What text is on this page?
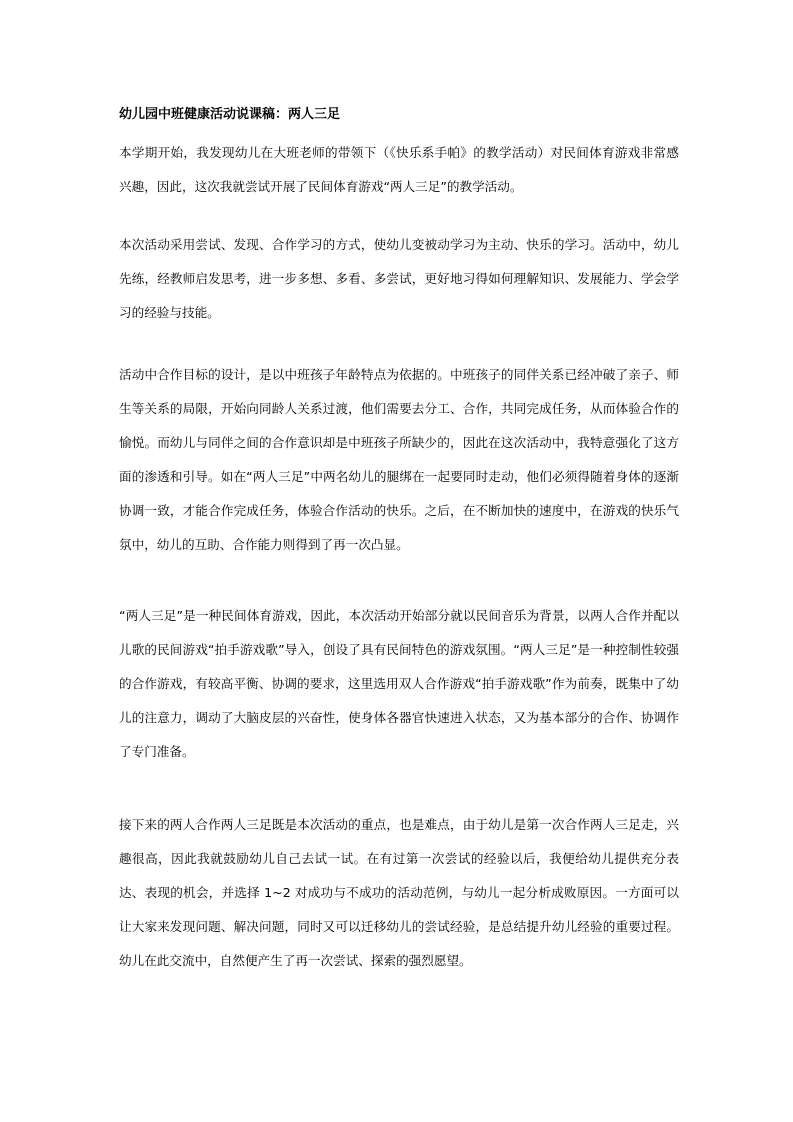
幼儿园中班健康活动说课稿：两人三足

本学期开始，我发现幼儿在大班老师的带领下（《快乐系手帕》的教学活动）对民间体育游戏非常感兴趣，因此，这次我就尝试开展了民间体育游戏“两人三足”的教学活动。

本次活动采用尝试、发现、合作学习的方式，使幼儿变被动学习为主动、快乐的学习。活动中，幼儿先练，经教师启发思考，进一步多想、多看、多尝试，更好地习得如何理解知识、发展能力、学会学习的经验与技能。

活动中合作目标的设计，是以中班孩子年龄特点为依据的。中班孩子的同伴关系已经冲破了亲子、师生等关系的局限，开始向同龄人关系过渡，他们需要去分工、合作，共同完成任务，从而体验合作的愉悦。而幼儿与同伴之间的合作意识却是中班孩子所缺少的，因此在这次活动中，我特意强化了这方面的渗透和引导。如在“两人三足”中两名幼儿的腿绑在一起要同时走动，他们必须得随着身体的逐渐协调一致，才能合作完成任务，体验合作活动的快乐。之后，在不断加快的速度中，在游戏的快乐气氛中，幼儿的互助、合作能力则得到了再一次凸显。

“两人三足”是一种民间体育游戏，因此，本次活动开始部分就以民间音乐为背景，以两人合作并配以儿歌的民间游戏“拍手游戏歌”导入，创设了具有民间特色的游戏氛围。“两人三足”是一种控制性较强的合作游戏，有较高平衡、协调的要求，这里选用双人合作游戏“拍手游戏歌”作为前奏，既集中了幼儿的注意力，调动了大脑皮层的兴奋性，使身体各器官快速进入状态，又为基本部分的合作、协调作了专门准备。

接下来的两人合作两人三足既是本次活动的重点，也是难点，由于幼儿是第一次合作两人三足走，兴趣很高，因此我就鼓励幼儿自己去试一试。在有过第一次尝试的经验以后，我便给幼儿提供充分表达、表现的机会，并选择 1~2 对成功与不成功的活动范例，与幼儿一起分析成败原因。一方面可以让大家来发现问题、解决问题，同时又可以迁移幼儿的尝试经验，是总结提升幼儿经验的重要过程。幼儿在此交流中，自然便产生了再一次尝试、探索的强烈愿望。
